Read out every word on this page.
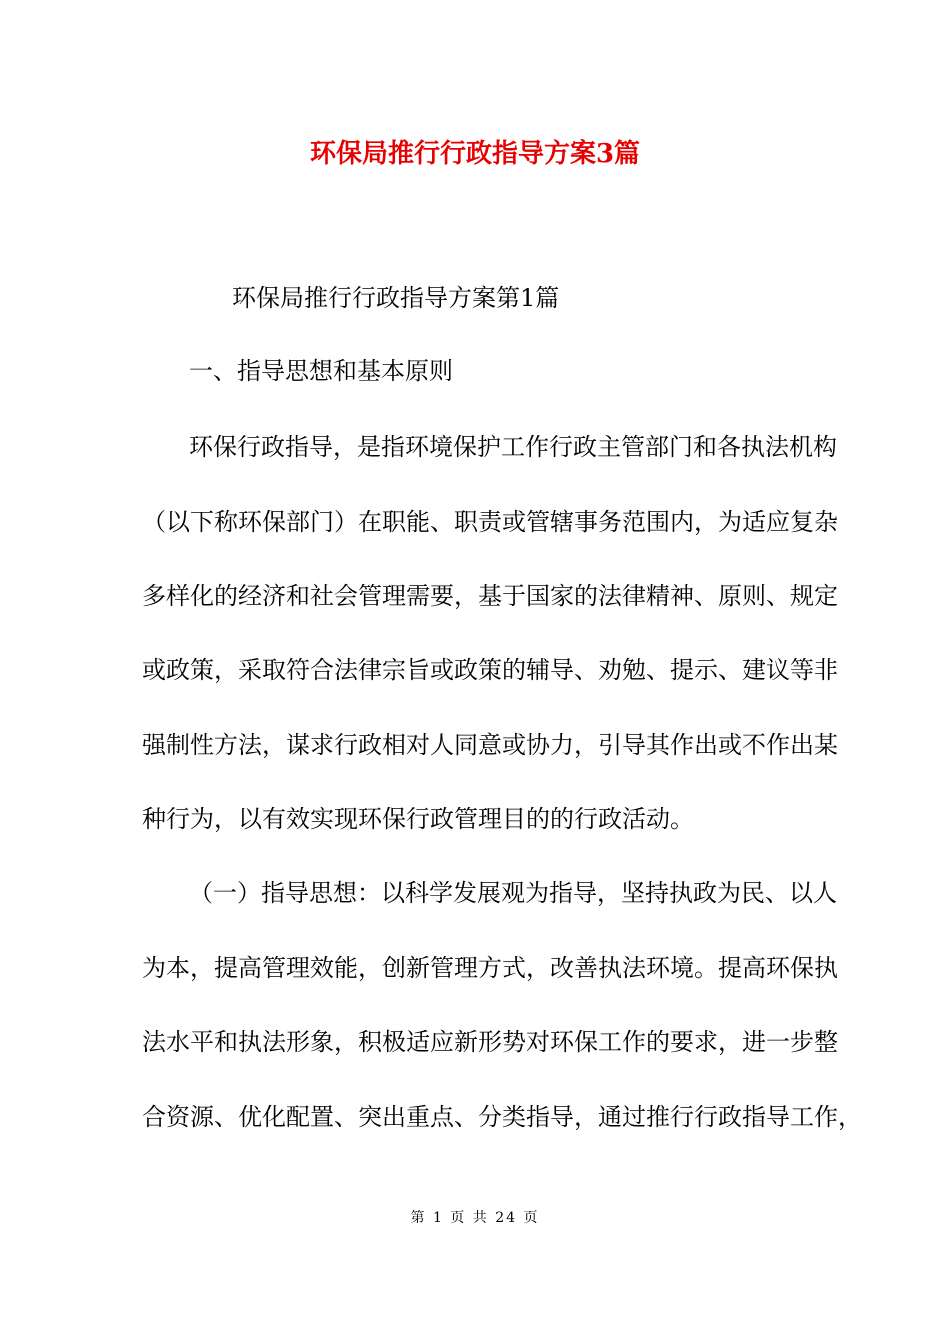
环保局推行行政指导方案3篇

环保局推行行政指导方案第1篇

一、指导思想和基本原则

环保行政指导，是指环境保护工作行政主管部门和各执法机构

（以下称环保部门）在职能、职责或管辖事务范围内，为适应复杂

多样化的经济和社会管理需要，基于国家的法律精神、原则、规定

或政策，采取符合法律宗旨或政策的辅导、劝勉、提示、建议等非

强制性方法，谋求行政相对人同意或协力，引导其作出或不作出某

种行为，以有效实现环保行政管理目的的行政活动。

（一）指导思想：以科学发展观为指导，坚持执政为民、以人

为本，提高管理效能，创新管理方式，改善执法环境。提高环保执

法水平和执法形象，积极适应新形势对环保工作的要求，进一步整

合资源、优化配置、突出重点、分类指导，通过推行行政指导工作，

第 1 页 共 24 页
